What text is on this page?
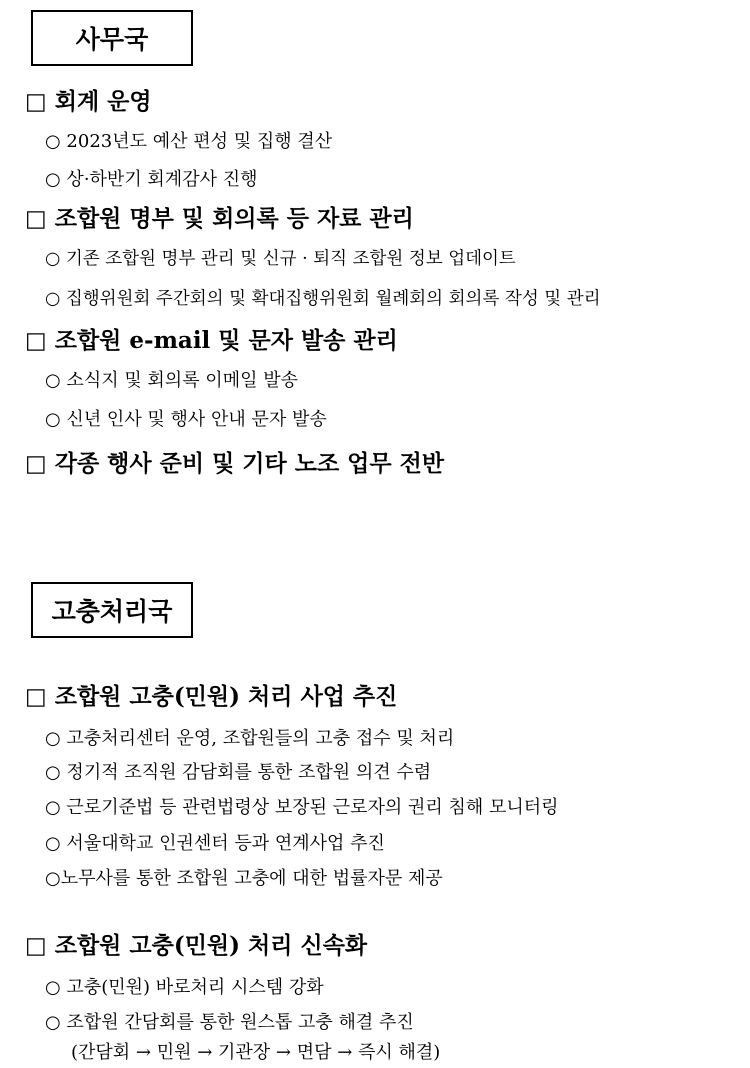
사무국
□ 회계 운영
○ 2023년도 예산 편성 및 집행 결산
○ 상·하반기 회계감사 진행
□ 조합원 명부 및 회의록 등 자료 관리
○ 기존 조합원 명부 관리 및 신규 · 퇴직 조합원 정보 업데이트
○ 집행위원회 주간회의 및 확대집행위원회 월례회의 회의록 작성 및 관리
□ 조합원 e-mail 및 문자 발송 관리
○ 소식지 및 회의록 이메일 발송
○ 신년 인사 및 행사 안내 문자 발송
□ 각종 행사 준비 및 기타 노조 업무 전반
고충처리국
□ 조합원 고충(민원) 처리 사업 추진
○ 고충처리센터 운영, 조합원들의 고충 접수 및 처리
○ 정기적 조직원 감담회를 통한 조합원 의견 수렴
○ 근로기준법 등 관련법령상 보장된 근로자의 권리 침해 모니터링
○ 서울대학교 인권센터 등과 연계사업 추진
○노무사를 통한 조합원 고충에 대한 법률자문 제공
□ 조합원 고충(민원) 처리 신속화
○ 고충(민원) 바로처리 시스템 강화
○ 조합원 간담회를 통한 원스톱 고충 해결 추진
(간담회 → 민원 → 기관장 → 면담 → 즉시 해결)
